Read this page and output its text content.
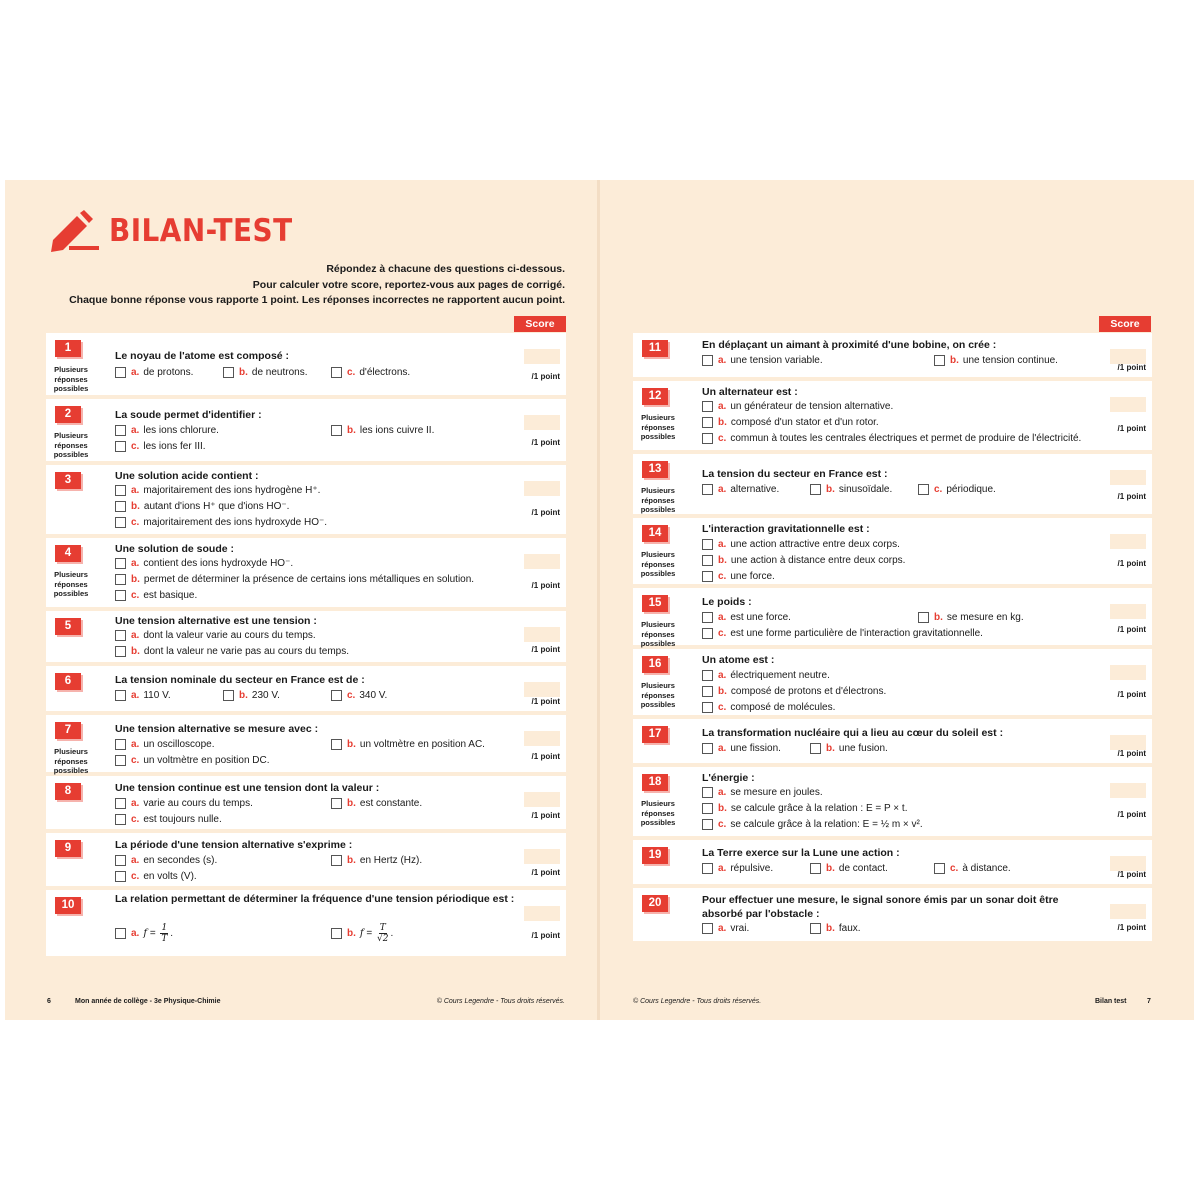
BILAN-TEST
Répondez à chacune des questions ci-dessous.
Pour calculer votre score, reportez-vous aux pages de corrigé.
Chaque bonne réponse vous rapporte 1 point. Les réponses incorrectes ne rapportent aucun point.
Score
1
Plusieurs
réponses
possibles
Le noyau de l'atome est composé :
a. de protons.	b. de neutrons.	c. d'électrons.	/1 point
2
Plusieurs
réponses
possibles
La soude permet d'identifier :
a. les ions chlorure.	b. les ions cuivre II.
c. les ions fer III.	/1 point
3	Une solution acide contient :
a. majoritairement des ions hydrogène H⁺.
b. autant d'ions H⁺ que d'ions HO⁻.
c. majoritairement des ions hydroxyde HO⁻.
/1 point
4
Plusieurs
réponses
possibles
Une solution de soude :
a. contient des ions hydroxyde HO⁻.
b. permet de déterminer la présence de certains ions métalliques en solution.
c. est basique.
/1 point
5	Une tension alternative est une tension :
a. dont la valeur varie au cours du temps.
b. dont la valeur ne varie pas au cours du temps.	/1 point
6	La tension nominale du secteur en France est de :
a. 110 V.	b. 230 V.	c. 340 V.	/1 point
7
Plusieurs
réponses
possibles
Une tension alternative se mesure avec :
a. un oscilloscope.	b. un voltmètre en position AC.
c. un voltmètre en position DC.	/1 point
8	Une tension continue est une tension dont la valeur :
a. varie au cours du temps.	b. est constante.
c. est toujours nulle.	/1 point
9	La période d'une tension alternative s'exprime :
a. en secondes (s).	b. en Hertz (Hz).
c. en volts (V).	/1 point
10	La relation permettant de déterminer la fréquence d'une tension périodique est :
a. $f = \frac{1}{T}$ .	b. $f = \frac{T}{√2}$ .	/1 point
6	Mon année de collège - 3e Physique-Chimie	© Cours Legendre - Tous droits réservés.
Score
11	En déplaçant un aimant à proximité d'une bobine, on crée :
a. une tension variable.	b. une tension continue.
/1 point
12
Plusieurs
réponses
possibles
Un alternateur est :
a. un générateur de tension alternative.
b. composé d'un stator et d'un rotor.
c. commun à toutes les centrales électriques et permet de produire de l'électricité.
/1 point
13
Plusieurs
réponses
possibles
La tension du secteur en France est :
a. alternative.	b. sinusoïdale.	c. périodique.
/1 point
14
Plusieurs
réponses
possibles
L'interaction gravitationnelle est :
a. une action attractive entre deux corps.
b. une action à distance entre deux corps.
c. une force.
/1 point
15
Plusieurs
réponses
possibles
Le poids :
a. est une force.	b. se mesure en kg.
c. est une forme particulière de l'interaction gravitationnelle.	/1 point
16
Plusieurs
réponses
possibles
Un atome est :
a. électriquement neutre.
b. composé de protons et d'électrons.
c. composé de molécules.
/1 point
17	La transformation nucléaire qui a lieu au cœur du soleil est :
a. une fission.	b. une fusion.	/1 point
18
Plusieurs
réponses
possibles
L'énergie :
a. se mesure en joules.
b. se calcule grâce à la relation : E = P × t.
c. se calcule grâce à la relation: E = ½ m × v².
/1 point
19	La Terre exerce sur la Lune une action :
a. répulsive.	b. de contact.	c. à distance.
/1 point
20	Pour effectuer une mesure, le signal sonore émis par un sonar doit être absorbé par l'obstacle :
a. vrai.	b. faux.	/1 point
© Cours Legendre - Tous droits réservés.	Bilan test	7
